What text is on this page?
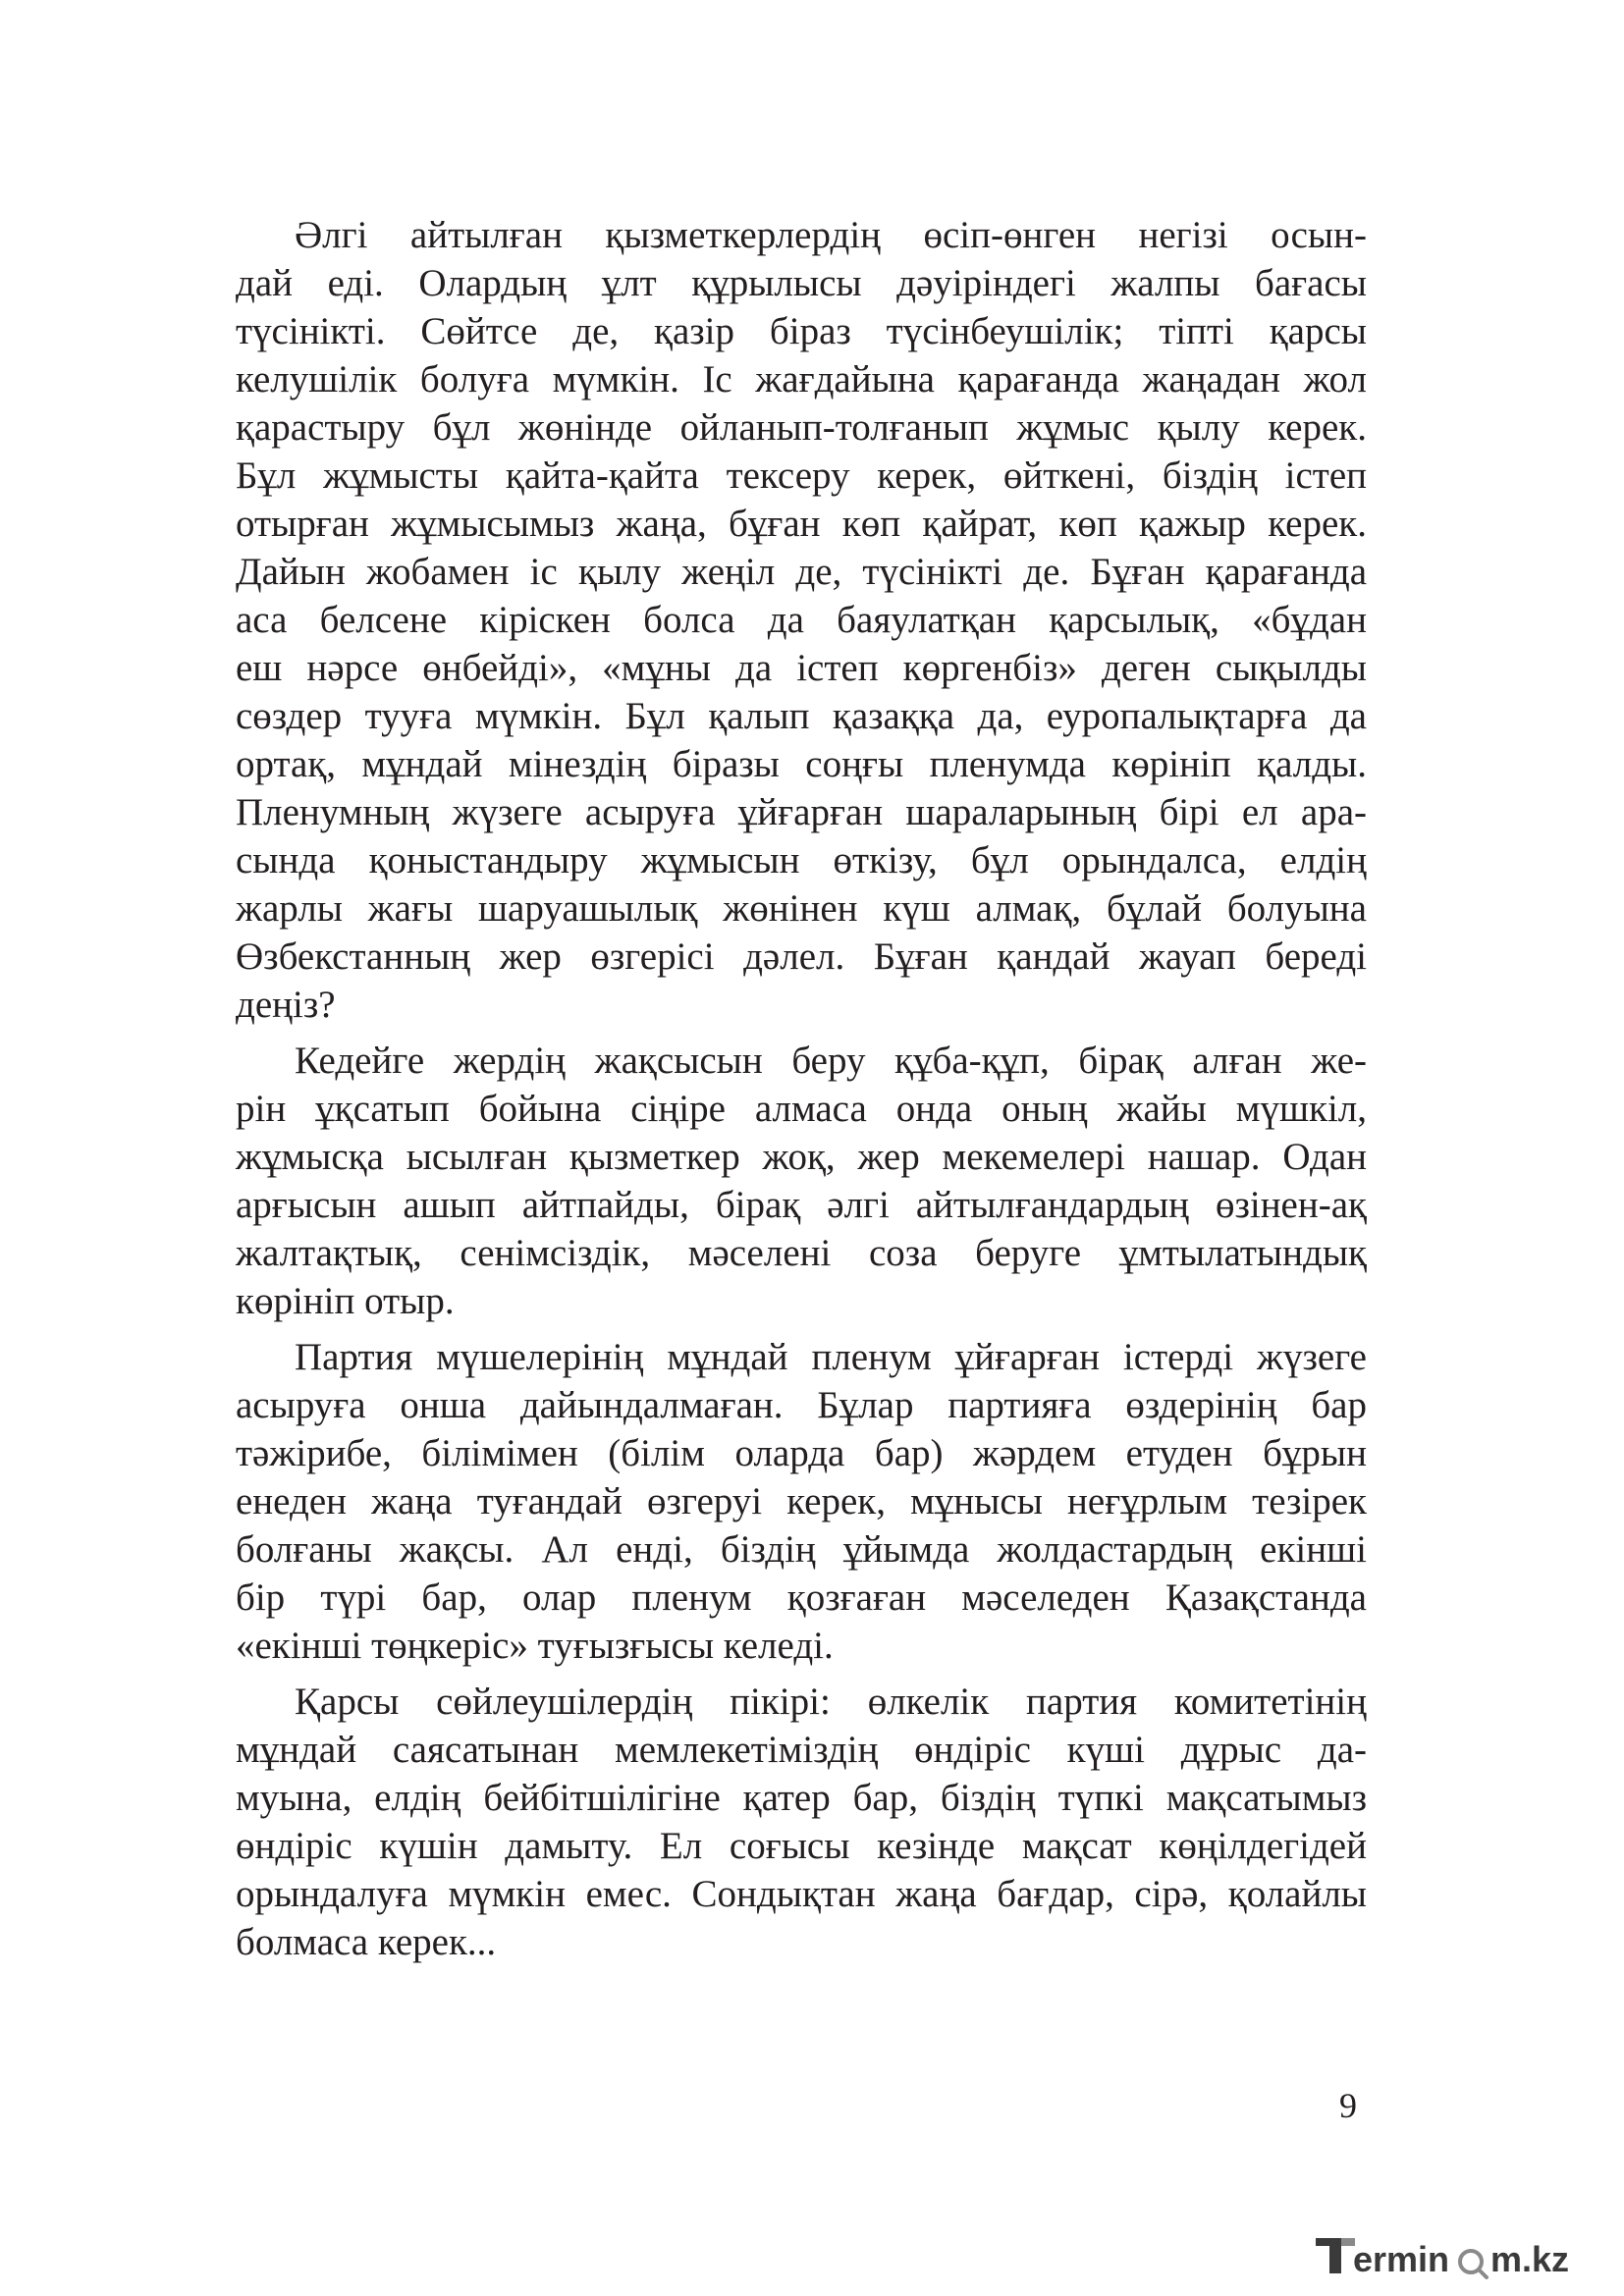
Әлгі айтылған қызметкерлердің өсіп-өнген негізі осын-
дай еді. Олардың ұлт құрылысы дәуіріндегі жалпы бағасы
түсінікті. Сөйтсе де, қазір біраз түсінбеушілік; тіпті қарсы
келушілік болуға мүмкін. Іс жағдайына қарағанда жаңадан жол
қарастыру бұл жөнінде ойланып-толғанып жұмыс қылу керек.
Бұл жұмысты қайта-қайта тексеру керек, өйткені, біздің істеп
отырған жұмысымыз жаңа, бұған көп қайрат, көп қажыр керек.
Дайын жобамен іс қылу жеңіл де, түсінікті де. Бұған қарағанда
аса белсене кіріскен болса да баяулатқан қарсылық, «бұдан
еш нәрсе өнбейді», «мұны да істеп көргенбіз» деген сықылды
сөздер тууға мүмкін. Бұл қалып қазаққа да, еуропалықтарға да
ортақ, мұндай мінездің біразы соңғы пленумда көрініп қалды.
Пленумның жүзеге асыруға ұйғарған шараларының бірі ел ара-
сында қоныстандыру жұмысын өткізу, бұл орындалса, елдің
жарлы жағы шаруашылық жөнінен күш алмақ, бұлай болуына
Өзбекстанның жер өзгерісі дәлел. Бұған қандай жауап береді
деңіз?
Кедейге жердің жақсысын беру құба-құп, бірақ алған же-
рін ұқсатып бойына сіңіре алмаса онда оның жайы мүшкіл,
жұмысқа ысылған қызметкер жоқ, жер мекемелері нашар. Одан
арғысын ашып айтпайды, бірақ әлгі айтылғандардың өзінен-ақ
жалтақтық, сенімсіздік, мәселені соза беруге ұмтылатындық
көрініп отыр.
Партия мүшелерінің мұндай пленум ұйғарған істерді жүзеге
асыруға онша дайындалмаған. Бұлар партияға өздерінің бар
тәжірибе, білімімен (білім оларда бар) жәрдем етуден бұрын
енеден жаңа туғандай өзгеруі керек, мұнысы неғұрлым тезірек
болғаны жақсы. Ал енді, біздің ұйымда жолдастардың екінші
бір түрі бар, олар пленум қозғаған мәселеден Қазақстанда
«екінші төңкеріс» туғызғысы келеді.
Қарсы сөйлеушілердің пікірі: өлкелік партия комитетінің
мұндай саясатынан мемлекетіміздің өндіріс күші дұрыс да-
муына, елдің бейбітшілігіне қатер бар, біздің түпкі мақсатымыз
өндіріс күшін дамыту. Ел соғысы кезінде мақсат көңілдегідей
орындалуға мүмкін емес. Сондықтан жаңа бағдар, сірә, қолайлы
болмаса керек...
9
ermin m.kz
